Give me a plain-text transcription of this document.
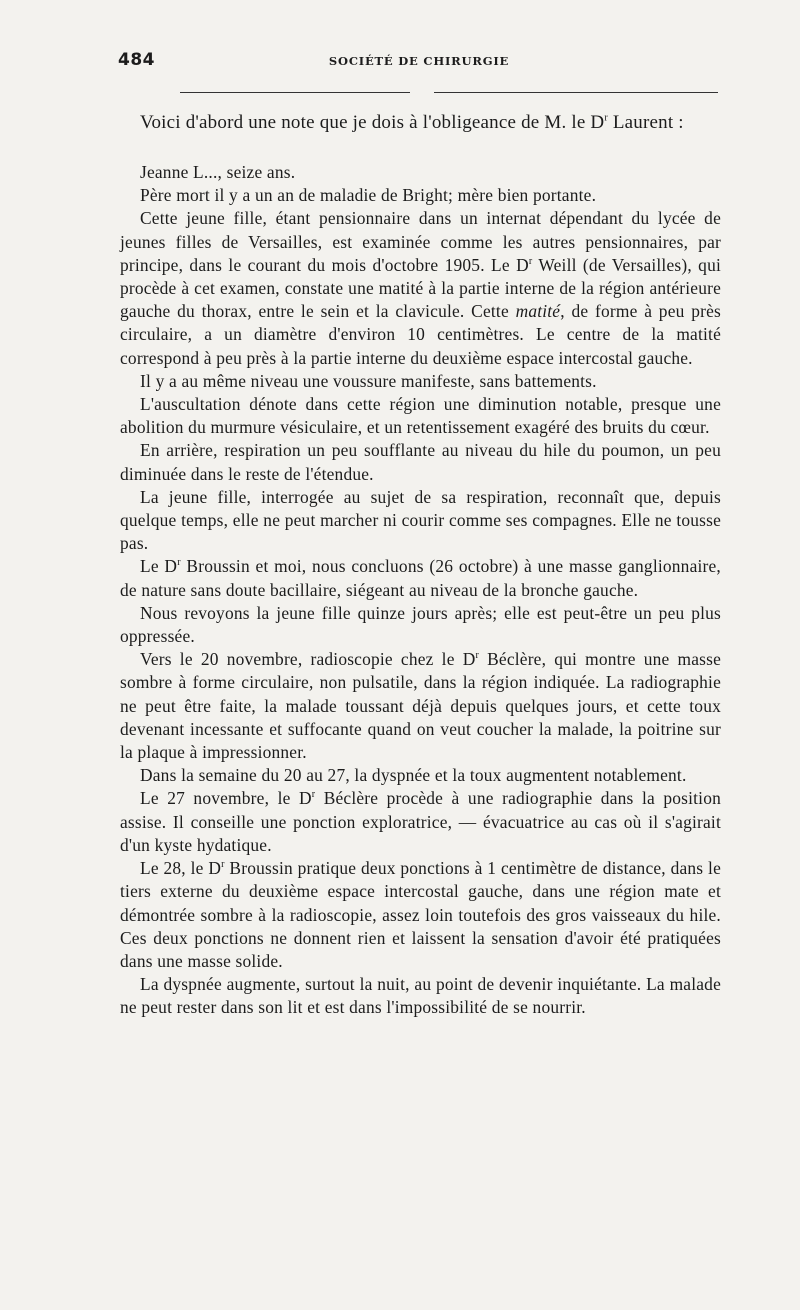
484	SOCIÉTÉ DE CHIRURGIE

Voici d'abord une note que je dois à l'obligeance de M. le $D^r$ Laurent :

Jeanne L..., seize ans.

Père mort il y a un an de maladie de Bright; mère bien portante.

Cette jeune fille, étant pensionnaire dans un internat dépendant du lycée de jeunes filles de Versailles, est examinée comme les autres pensionnaires, par principe, dans le courant du mois d'octobre 1905. Le $D^r$ Weill (de Versailles), qui procède à cet examen, constate une matité à la partie interne de la région antérieure gauche du thorax, entre le sein et la clavicule. Cette matité, de forme à peu près circulaire, a un diamètre d'environ 10 centimètres. Le centre de la matité correspond à peu près à la partie interne du deuxième espace intercostal gauche.

Il y a au même niveau une voussure manifeste, sans battements.

L'auscultation dénote dans cette région une diminution notable, presque une abolition du murmure vésiculaire, et un retentissement exagéré des bruits du cœur.

En arrière, respiration un peu soufflante au niveau du hile du poumon, un peu diminuée dans le reste de l'étendue.

La jeune fille, interrogée au sujet de sa respiration, reconnaît que, depuis quelque temps, elle ne peut marcher ni courir comme ses compagnes. Elle ne tousse pas.

Le $D^r$ Broussin et moi, nous concluons (26 octobre) à une masse ganglionnaire, de nature sans doute bacillaire, siégeant au niveau de la bronche gauche.

Nous revoyons la jeune fille quinze jours après; elle est peut-être un peu plus oppressée.

Vers le 20 novembre, radioscopie chez le $D^r$ Béclère, qui montre une masse sombre à forme circulaire, non pulsatile, dans la région indiquée. La radiographie ne peut être faite, la malade toussant déjà depuis quelques jours, et cette toux devenant incessante et suffocante quand on veut coucher la malade, la poitrine sur la plaque à impressionner.

Dans la semaine du 20 au 27, la dyspnée et la toux augmentent notablement.

Le 27 novembre, le $D^r$ Béclère procède à une radiographie dans la position assise. Il conseille une ponction exploratrice, — évacuatrice au cas où il s'agirait d'un kyste hydatique.

Le 28, le $D^r$ Broussin pratique deux ponctions à 1 centimètre de distance, dans le tiers externe du deuxième espace intercostal gauche, dans une région mate et démontrée sombre à la radioscopie, assez loin toutefois des gros vaisseaux du hile. Ces deux ponctions ne donnent rien et laissent la sensation d'avoir été pratiquées dans une masse solide.

La dyspnée augmente, surtout la nuit, au point de devenir inquiétante. La malade ne peut rester dans son lit et est dans l'impossibilité de se nourrir.
